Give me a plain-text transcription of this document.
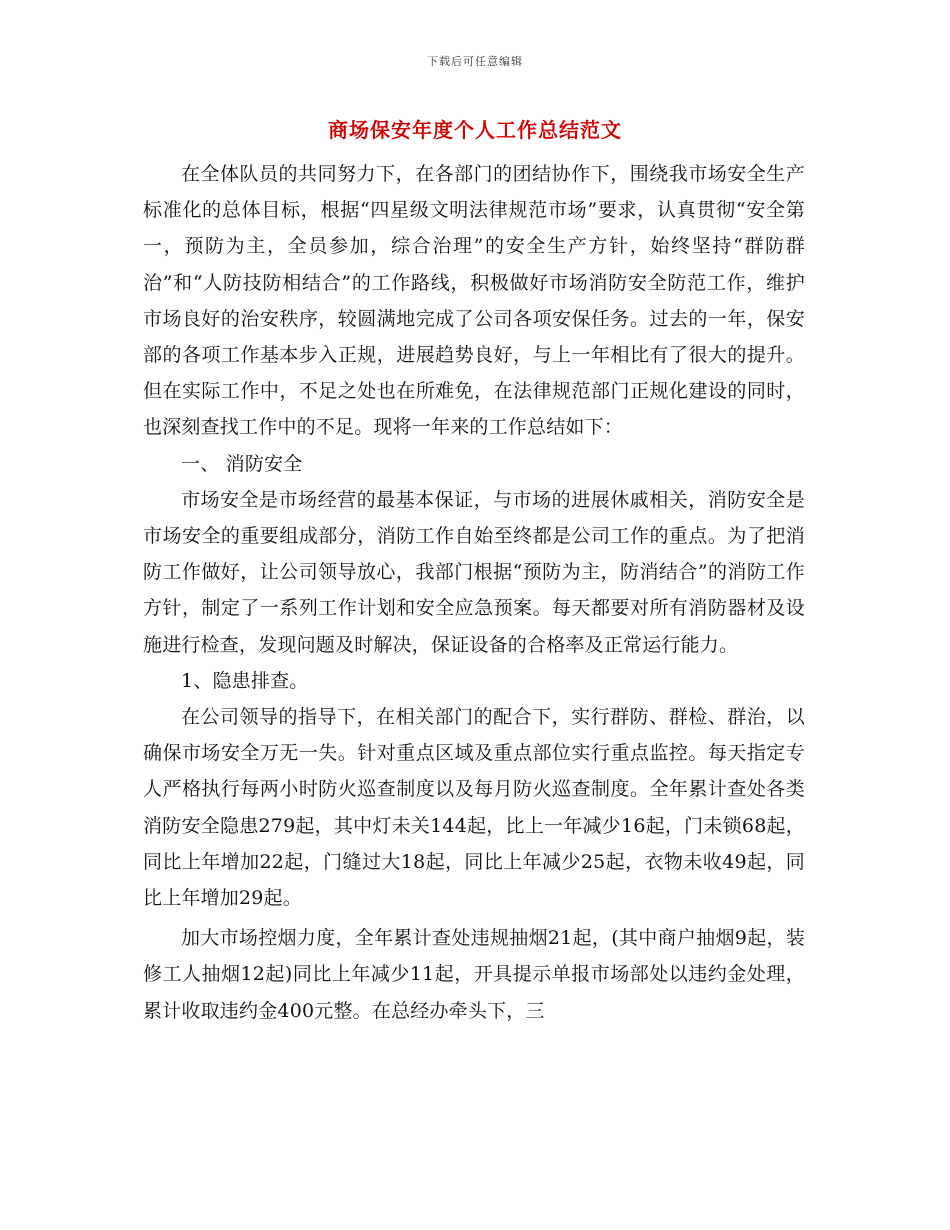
下载后可任意编辑
商场保安年度个人工作总结范文

在全体队员的共同努力下，在各部门的团结协作下，围绕我市场安全生产标准化的总体目标，根据“四星级文明法律规范市场”要求，认真贯彻“安全第一，预防为主，全员参加，综合治理”的安全生产方针，始终坚持“群防群治”和“人防技防相结合”的工作路线，积极做好市场消防安全防范工作，维护市场良好的治安秩序，较圆满地完成了公司各项安保任务。过去的一年，保安部的各项工作基本步入正规，进展趋势良好，与上一年相比有了很大的提升。但在实际工作中，不足之处也在所难免，在法律规范部门正规化建设的同时，也深刻查找工作中的不足。现将一年来的工作总结如下：

一、 消防安全

市场安全是市场经营的最基本保证，与市场的进展休戚相关，消防安全是市场安全的重要组成部分，消防工作自始至终都是公司工作的重点。为了把消防工作做好，让公司领导放心，我部门根据“预防为主，防消结合”的消防工作方针，制定了一系列工作计划和安全应急预案。每天都要对所有消防器材及设施进行检查，发现问题及时解决，保证设备的合格率及正常运行能力。

1、隐患排查。

在公司领导的指导下，在相关部门的配合下，实行群防、群检、群治，以确保市场安全万无一失。针对重点区域及重点部位实行重点监控。每天指定专人严格执行每两小时防火巡查制度以及每月防火巡查制度。全年累计查处各类消防安全隐患279起，其中灯未关144起，比上一年减少16起，门未锁68起，同比上年增加22起，门缝过大18起，同比上年减少25起，衣物未收49起，同比上年增加29起。

加大市场控烟力度，全年累计查处违规抽烟21起，(其中商户抽烟9起，装修工人抽烟12起)同比上年减少11起，开具提示单报市场部处以违约金处理，累计收取违约金400元整。在总经办牵头下，三
